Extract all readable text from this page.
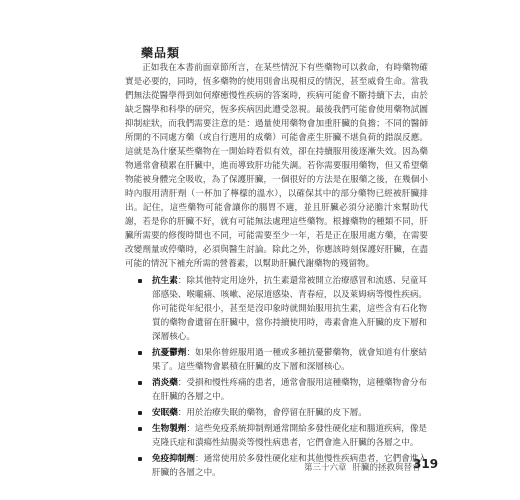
藥品類

正如我在本書前面章節所言，在某些情況下有些藥物可以救命，有時藥物確實是必要的，同時，恆多藥物的使用則會出現相反的情況，甚至威脅生命。當我們無法從醫學得到如何療癒慢性疾病的答案時，疾病可能會不斷持續下去，由於缺乏醫學和科學的研究，恆多疾病因此遭受忽視。最後我們可能會使用藥物試圖抑制症狀，而我們需要注意的是：過量使用藥物會加重肝臟的負擔；不同的醫師所開的不同處方藥（或自行選用的成藥）可能會產生肝臟不堪負荷的錯誤反應。這就是為什麼某些藥物在一開始時看似有效，卻在持續服用後逐漸失效。因為藥物通常會積累在肝臟中，進而導致肝功能失調。若你需要服用藥物，但又希望藥物能被身體完全吸收，為了保護肝臟，一個很好的方法是在服藥之後，在幾個小時內服用清肝劑（一杯加了檸檬的溫水），以確保其中的部分藥物已經被肝臟排出。記住，這些藥物可能會讓你的腸胃不適，並且肝臟必須分泌膽汁來幫助代謝，若是你的肝臟不好，就有可能無法處理這些藥物。根據藥物的種類不同，肝臟所需要的修復時間也不同，可能需要至少一年，若是正在服用處方藥，在需要改變劑量或停藥時，必須與醫生討論。除此之外，你應該時刻保護好肝臟，在盡可能的情況下補充所需的營養素，以幫助肝臟代謝藥物的殘留物。

抗生素：除其他特定用途外，抗生素還常被開立治療感冒和流感、兒童耳部感染、喉嚨痛、咳嗽、泌尿道感染、青春痘，以及萊姆病等慢性疾病。你可能從年紀很小，甚至是沒印象時就開始服用抗生素，這些含有石化物質的藥物會遺留在肝臟中，當你持續使用時，毒素會進入肝臟的皮下層和深層核心。
抗憂鬱劑：如果你曾經服用過一種或多種抗憂鬱藥物，就會知道有什麼結果了。這些藥物會累積在肝臟的皮下層和深層核心。
消炎藥：受損和慢性疼痛的患者，通常會服用這種藥物，這種藥物會分布在肝臟的各層之中。
安眠藥：用於治療失眠的藥物，會停留在肝臟的皮下層。
生物製劑：這些免疫系統抑制劑通常開給多發性硬化症和腸道疾病，像是克隆氏症和潰瘍性結腸炎等慢性病患者，它們會進入肝臟的各層之中。
免疫抑制劑：通常使用於多發性硬化症和其他慢性疾病患者，它們會進入肝臟的各層之中。	第三十六章 肝臟的拯救與替者
319
